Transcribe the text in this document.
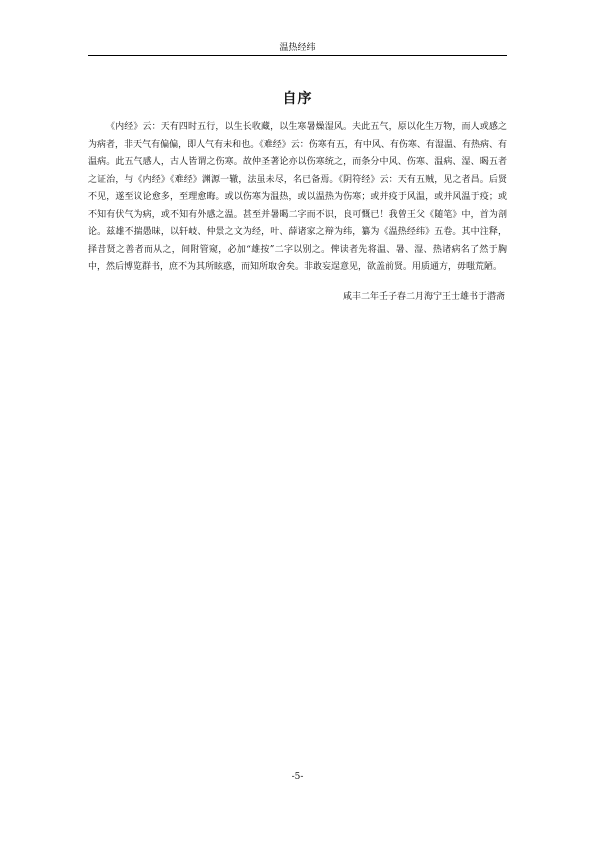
温热经纬
自序

《内经》云：天有四时五行，以生长收藏，以生寒暑燥湿风。夫此五气，原以化生万物，而人或感之为病者，非天气有偏偏，即人气有未和也。《难经》云：伤寒有五，有中风、有伤寒、有湿温、有热病、有温病。此五气感人，古人皆谓之伤寒。故仲圣著论亦以伤寒统之，而条分中风、伤寒、温病、湿、暍五者之证治，与《内经》《难经》渊源一辙，法虽未尽，名已备焉。《阴符经》云：天有五贼，见之者昌。后贤不见，遂至议论愈多，至理愈晦。或以伤寒为温热，或以温热为伤寒；或并疫于风温，或并风温于疫；或不知有伏气为病，或不知有外感之温。甚至并暑暍二字而不识，良可慨已！我曾王父《随笔》中，首为剖论。兹雄不揣愚昧，以轩岐、仲景之文为经，叶、薛诸家之辩为纬，纂为《温热经纬》五卷。其中注释，择昔贤之善者而从之，间附管窥，必加“雄按”二字以别之。俾读者先将温、暑、湿、热诸病名了然于胸中，然后博览群书，庶不为其所眩惑，而知所取舍矣。非敢妄逞意见，欲盖前贤。用质通方，毋嗤荒陋。

咸丰二年壬子春二月海宁王士雄书于潜斋
-5-
